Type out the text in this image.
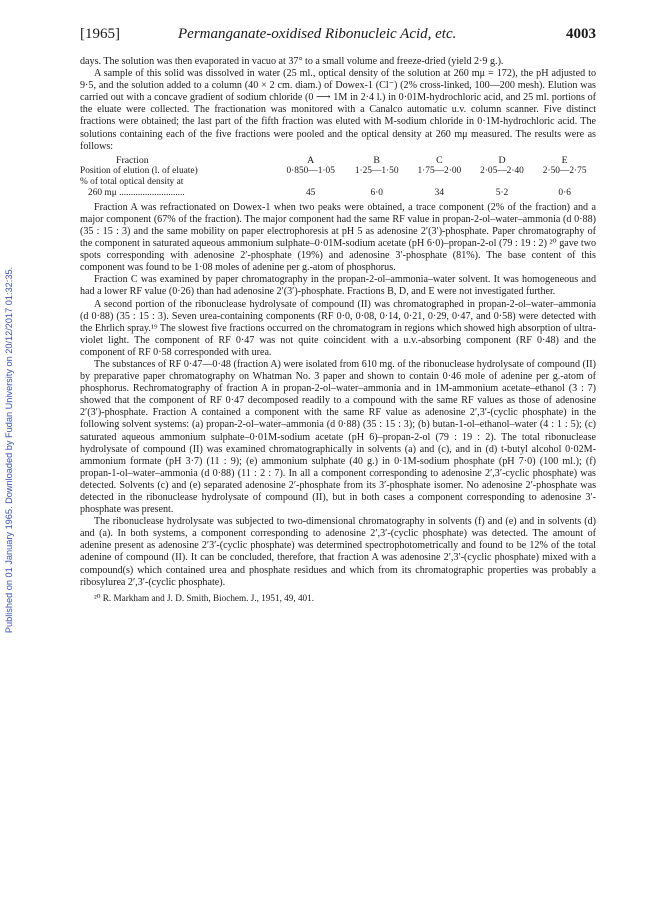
Published on 01 January 1965. Downloaded by Fudan University on 20/12/2017 01:32:35.
[1965]	Permanganate-oxidised Ribonucleic Acid, etc.	4003

days. The solution was then evaporated in vacuo at 37° to a small volume and freeze-dried (yield 2·9 g.).

A sample of this solid was dissolved in water (25 ml., optical density of the solution at 260 mμ = 172), the pH adjusted to 9·5, and the solution added to a column (40 × 2 cm. diam.) of Dowex-1 (Cl⁻) (2% cross-linked, 100—200 mesh). Elution was carried out with a concave gradient of sodium chloride (0 ⟶ 1M in 2·4 l.) in 0·01M-hydrochloric acid, and 25 ml. portions of the eluate were collected. The fractionation was monitored with a Canalco automatic u.v. column scanner. Five distinct fractions were obtained; the last part of the fifth fraction was eluted with M-sodium chloride in 0·1M-hydrochloric acid. The solutions containing each of the five fractions were pooled and the optical density at 260 mμ measured. The results were as follows:

Fraction	A	B	C	D	E
Position of elution (l. of eluate)	0·850—1·05	1·25—1·50	1·75—2·00	2·05—2·40	2·50—2·75
% of total optical density at					
260 mμ ............................	45	6·0	34	5·2	0·6

Fraction A was refractionated on Dowex-1 when two peaks were obtained, a trace component (2% of the fraction) and a major component (67% of the fraction). The major component had the same RF value in propan-2-ol–water–ammonia (d 0·88) (35 : 15 : 3) and the same mobility on paper electrophoresis at pH 5 as adenosine 2′(3′)-phosphate. Paper chromatography of the component in saturated aqueous ammonium sulphate–0·01M-sodium acetate (pH 6·0)–propan-2-ol (79 : 19 : 2) ²⁰ gave two spots corresponding with adenosine 2′-phosphate (19%) and adenosine 3′-phosphate (81%). The base content of this component was found to be 1·08 moles of adenine per g.-atom of phosphorus.

Fraction C was examined by paper chromatography in the propan-2-ol–ammonia–water solvent. It was homogeneous and had a lower RF value (0·26) than had adenosine 2′(3′)-phosphate. Fractions B, D, and E were not investigated further.

A second portion of the ribonuclease hydrolysate of compound (II) was chromatographed in propan-2-ol–water–ammonia (d 0·88) (35 : 15 : 3). Seven urea-containing components (RF 0·0, 0·08, 0·14, 0·21, 0·29, 0·47, and 0·58) were detected with the Ehrlich spray.¹⁹ The slowest five fractions occurred on the chromatogram in regions which showed high absorption of ultra-violet light. The component of RF 0·47 was not quite coincident with a u.v.-absorbing component (RF 0·48) and the component of RF 0·58 corresponded with urea.

The substances of RF 0·47—0·48 (fraction A) were isolated from 610 mg. of the ribonuclease hydrolysate of compound (II) by preparative paper chromatography on Whatman No. 3 paper and shown to contain 0·46 mole of adenine per g.-atom of phosphorus. Rechromatography of fraction A in propan-2-ol–water–ammonia and in 1M-ammonium acetate–ethanol (3 : 7) showed that the component of RF 0·47 decomposed readily to a compound with the same RF values as those of adenosine 2′(3′)-phosphate. Fraction A contained a component with the same RF value as adenosine 2′,3′-(cyclic phosphate) in the following solvent systems: (a) propan-2-ol–water–ammonia (d 0·88) (35 : 15 : 3); (b) butan-1-ol–ethanol–water (4 : 1 : 5); (c) saturated aqueous ammonium sulphate–0·01M-sodium acetate (pH 6)–propan-2-ol (79 : 19 : 2). The total ribonuclease hydrolysate of compound (II) was examined chromatographically in solvents (a) and (c), and in (d) t-butyl alcohol 0·02M-ammonium formate (pH 3·7) (11 : 9); (e) ammonium sulphate (40 g.) in 0·1M-sodium phosphate (pH 7·0) (100 ml.); (f) propan-1-ol–water–ammonia (d 0·88) (11 : 2 : 7). In all a component corresponding to adenosine 2′,3′-cyclic phosphate) was detected. Solvents (c) and (e) separated adenosine 2′-phosphate from its 3′-phosphate isomer. No adenosine 2′-phosphate was detected in the ribonuclease hydrolysate of compound (II), but in both cases a component corresponding to adenosine 3′-phosphate was present.

The ribonuclease hydrolysate was subjected to two-dimensional chromatography in solvents (f) and (e) and in solvents (d) and (a). In both systems, a component corresponding to adenosine 2′,3′-(cyclic phosphate) was detected. The amount of adenine present as adenosine 2′3′-(cyclic phosphate) was determined spectrophotometrically and found to be 12% of the total adenine of compound (II). It can be concluded, therefore, that fraction A was adenosine 2′,3′-(cyclic phosphate) mixed with a compound(s) which contained urea and phosphate residues and which from its chromatographic properties was probably a ribosylurea 2′,3′-(cyclic phosphate).

²⁰ R. Markham and J. D. Smith, Biochem. J., 1951, 49, 401.
